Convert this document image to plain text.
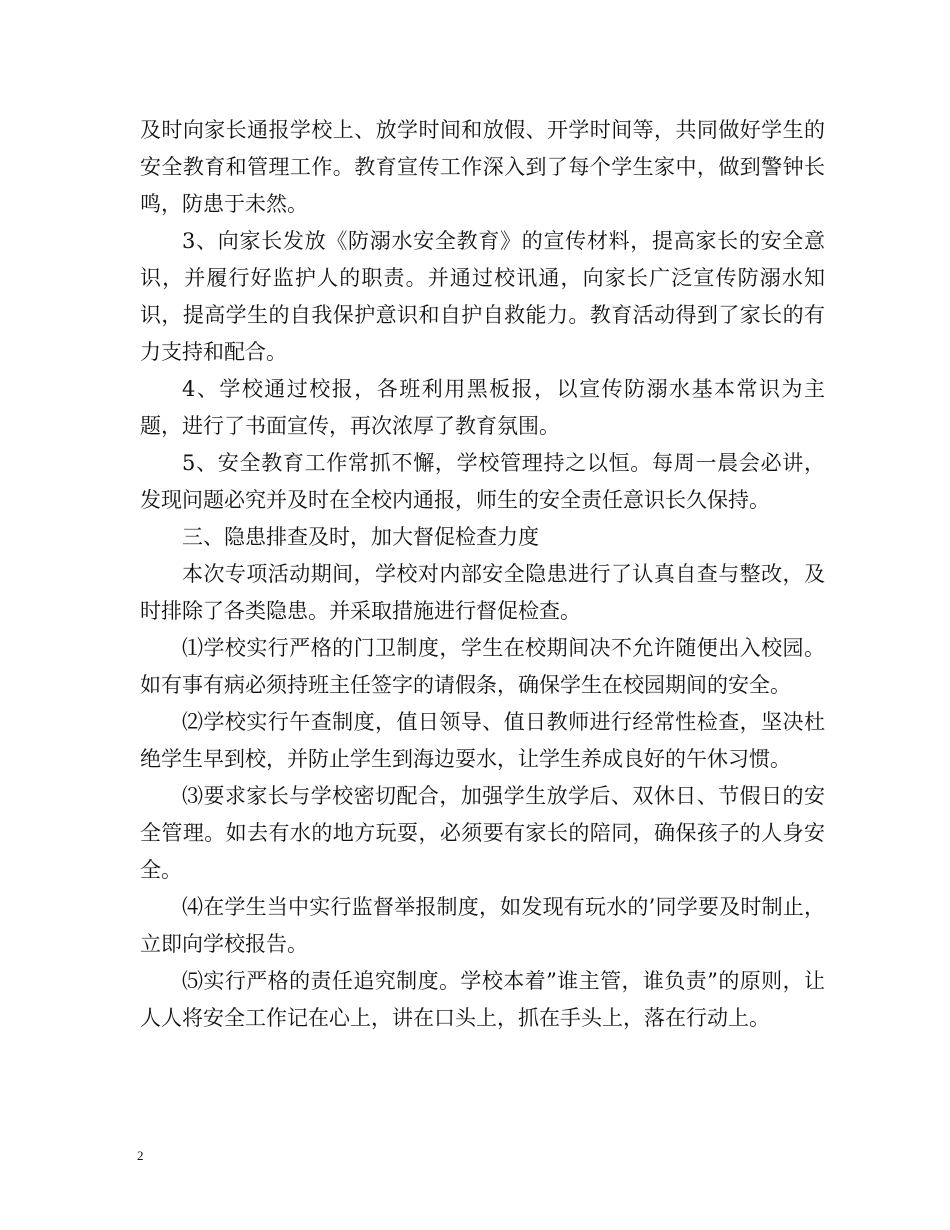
及时向家长通报学校上、放学时间和放假、开学时间等，共同做好学生的安全教育和管理工作。教育宣传工作深入到了每个学生家中，做到警钟长鸣，防患于未然。

3、向家长发放《防溺水安全教育》的宣传材料，提高家长的安全意识，并履行好监护人的职责。并通过校讯通，向家长广泛宣传防溺水知识，提高学生的自我保护意识和自护自救能力。教育活动得到了家长的有力支持和配合。

4、学校通过校报，各班利用黑板报，以宣传防溺水基本常识为主题，进行了书面宣传，再次浓厚了教育氛围。

5、安全教育工作常抓不懈，学校管理持之以恒。每周一晨会必讲，发现问题必究并及时在全校内通报，师生的安全责任意识长久保持。

三、隐患排查及时，加大督促检查力度

本次专项活动期间，学校对内部安全隐患进行了认真自查与整改，及时排除了各类隐患。并采取措施进行督促检查。

⑴学校实行严格的门卫制度，学生在校期间决不允许随便出入校园。如有事有病必须持班主任签字的请假条，确保学生在校园期间的安全。

⑵学校实行午查制度，值日领导、值日教师进行经常性检查，坚决杜绝学生早到校，并防止学生到海边耍水，让学生养成良好的午休习惯。

⑶要求家长与学校密切配合，加强学生放学后、双休日、节假日的安全管理。如去有水的地方玩耍，必须要有家长的陪同，确保孩子的人身安全。

⑷在学生当中实行监督举报制度，如发现有玩水的’同学要及时制止，立即向学校报告。

⑸实行严格的责任追究制度。学校本着”谁主管，谁负责”的原则，让人人将安全工作记在心上，讲在口头上，抓在手头上，落在行动上。

2
